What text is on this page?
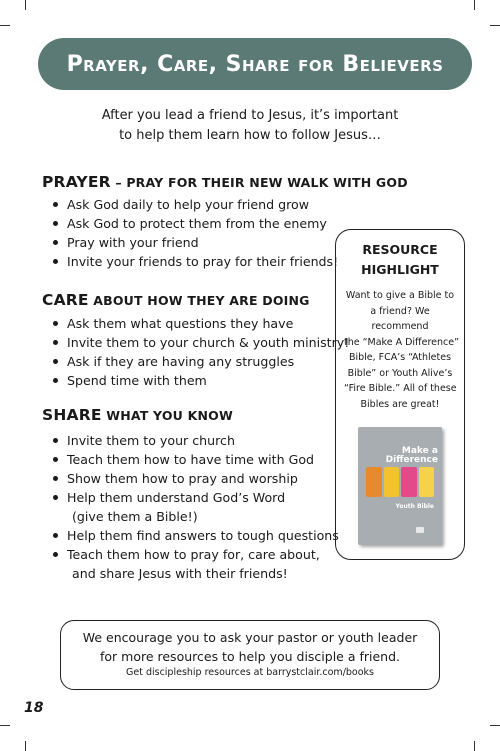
Prayer, Care, Share for Believers
After you lead a friend to Jesus, it’s important
to help them learn how to follow Jesus…
PRAYER – PRAY FOR THEIR NEW WALK WITH GOD
Ask God daily to help your friend grow
Ask God to protect them from the enemy
Pray with your friend
Invite your friends to pray for their friends!
CARE ABOUT HOW THEY ARE DOING
Ask them what questions they have
Invite them to your church & youth ministry!
Ask if they are having any struggles
Spend time with them
SHARE WHAT YOU KNOW
Invite them to your church
Teach them how to have time with God
Show them how to pray and worship
Help them understand God’s Word
(give them a Bible!)
Help them find answers to tough questions
Teach them how to pray for, care about,
and share Jesus with their friends!
RESOURCE
HIGHLIGHT
Want to give a Bible to
a friend? We
recommend
the “Make A Difference”
Bible, FCA’s “Athletes
Bible” or Youth Alive’s
“Fire Bible.” All of these
Bibles are great!
Make a
Difference
Youth Bible
We encourage you to ask your pastor or youth leader
for more resources to help you disciple a friend.
Get discipleship resources at barrystclair.com/books
18
